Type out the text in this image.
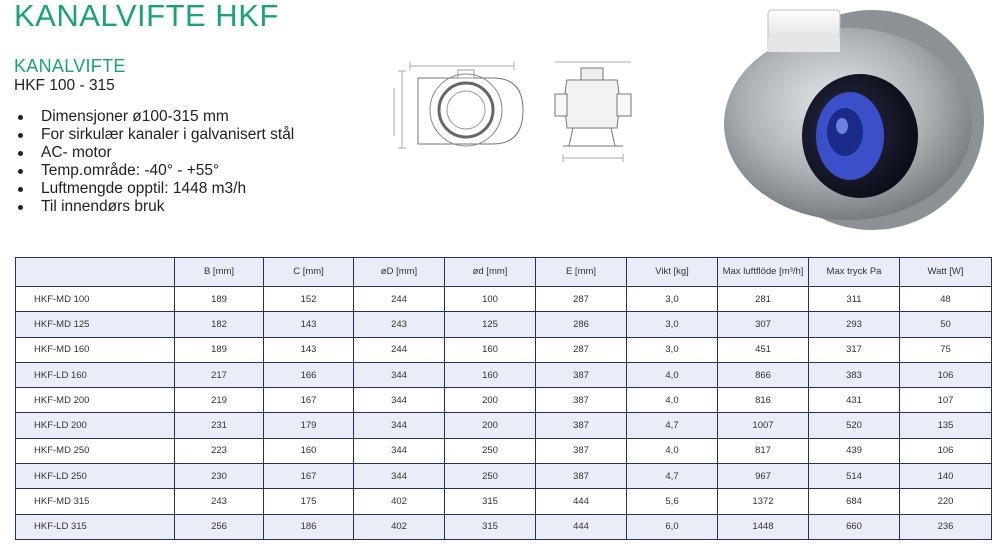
KANALVIFTE HKF
KANALVIFTE
HKF 100 - 315
Dimensjoner ø100-315 mm
For sirkulær kanaler i galvanisert stål
AC- motor
Temp.område: -40° - +55°
Luftmengde opptil: 1448 m3/h
Til innendørs bruk
	B [mm]	C [mm]	øD [mm]	ød [mm]	E [mm]	Vikt [kg]	Max luftflöde [m³/h]	Max tryck Pa	Watt [W]
HKF-MD 100	189	152	244	100	287	3,0	281	311	48
HKF-MD 125	182	143	243	125	286	3,0	307	293	50
HKF-MD 160	189	143	244	160	287	3,0	451	317	75
HKF-LD 160	217	166	344	160	387	4,0	866	383	106
HKF-MD 200	219	167	344	200	387	4,0	816	431	107
HKF-LD 200	231	179	344	200	387	4,7	1007	520	135
HKF-MD 250	223	160	344	250	387	4,0	817	439	106
HKF-LD 250	230	167	344	250	387	4,7	967	514	140
HKF-MD 315	243	175	402	315	444	5,6	1372	684	220
HKF-LD 315	256	186	402	315	444	6,0	1448	660	236
